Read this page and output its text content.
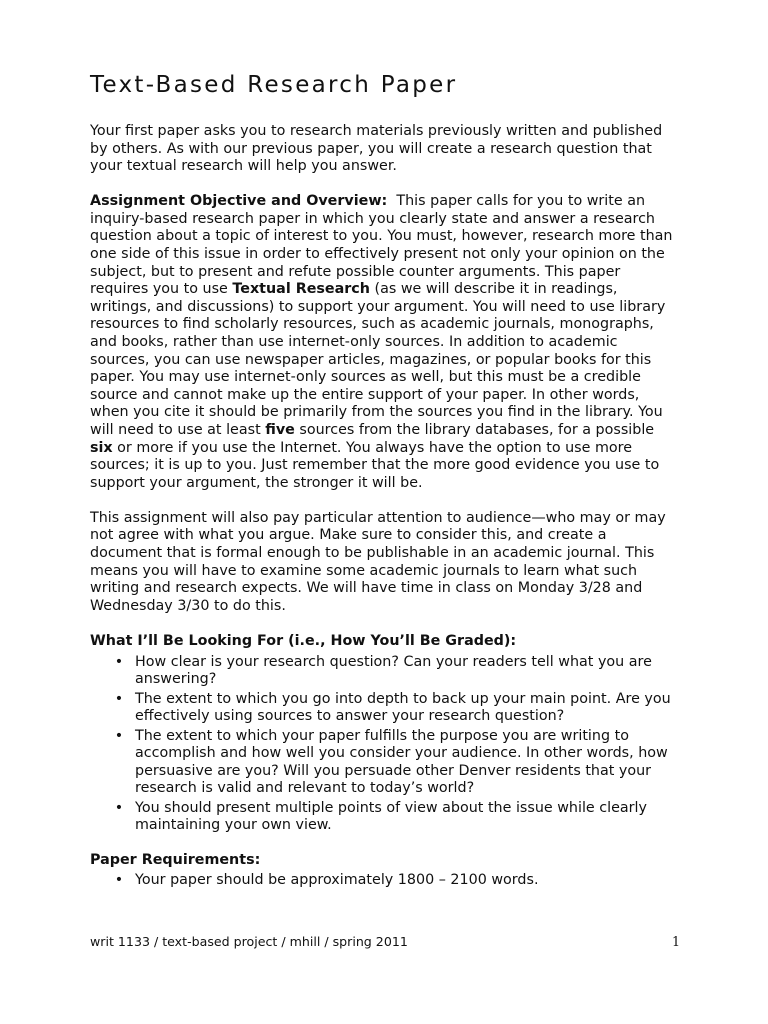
Text-Based Research Paper

Your first paper asks you to research materials previously written and published by others. As with our previous paper, you will create a research question that your textual research will help you answer.

Assignment Objective and Overview:  This paper calls for you to write an inquiry-based research paper in which you clearly state and answer a research question about a topic of interest to you. You must, however, research more than one side of this issue in order to effectively present not only your opinion on the subject, but to present and refute possible counter arguments. This paper requires you to use Textual Research (as we will describe it in readings, writings, and discussions) to support your argument. You will need to use library resources to find scholarly resources, such as academic journals, monographs, and books, rather than use internet-only sources. In addition to academic sources, you can use newspaper articles, magazines, or popular books for this paper. You may use internet-only sources as well, but this must be a credible source and cannot make up the entire support of your paper. In other words, when you cite it should be primarily from the sources you find in the library. You will need to use at least five sources from the library databases, for a possible six or more if you use the Internet. You always have the option to use more sources; it is up to you. Just remember that the more good evidence you use to support your argument, the stronger it will be.

This assignment will also pay particular attention to audience—who may or may not agree with what you argue. Make sure to consider this, and create a document that is formal enough to be publishable in an academic journal. This means you will have to examine some academic journals to learn what such writing and research expects. We will have time in class on Monday 3/28 and Wednesday 3/30 to do this.

What I’ll Be Looking For (i.e., How You’ll Be Graded):
• How clear is your research question? Can your readers tell what you are answering?
• The extent to which you go into depth to back up your main point. Are you effectively using sources to answer your research question?
• The extent to which your paper fulfills the purpose you are writing to accomplish and how well you consider your audience. In other words, how persuasive are you? Will you persuade other Denver residents that your research is valid and relevant to today’s world?
• You should present multiple points of view about the issue while clearly maintaining your own view.
Paper Requirements:
• Your paper should be approximately 1800 – 2100 words.
writ 1133 / text-based project / mhill / spring 2011	1
